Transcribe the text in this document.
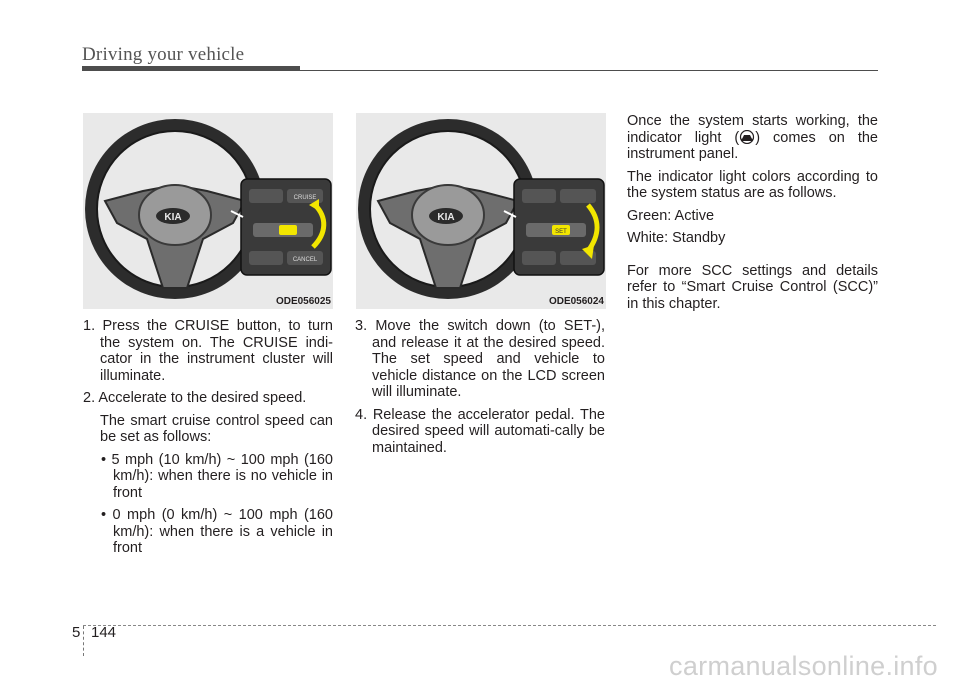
Driving your vehicle
KIA
CRUISE
CANCEL
ODE056025
KIA
SET
ODE056024

1. Press the CRUISE button, to turn the system on. The CRUISE indi-cator in the instrument cluster will illuminate.

2. Accelerate to the desired speed.

The smart cruise control speed can be set as follows:

• 5 mph (10 km/h) ~ 100 mph (160 km/h): when there is no vehicle in front

• 0 mph (0 km/h) ~ 100 mph (160 km/h): when there is a vehicle in front

3. Move the switch down (to SET-), and release it at the desired speed. The set speed and vehicle to vehicle distance on the LCD screen will illuminate.

4. Release the accelerator pedal. The desired speed will automati-cally be maintained.

Once the system starts working, the indicator light ( ) comes on the instrument panel.

The indicator light colors according to the system status are as follows.

Green: Active

White: Standby

For more SCC settings and details refer to “Smart Cruise Control (SCC)” in this chapter.

5 144
carmanualsonline.info
